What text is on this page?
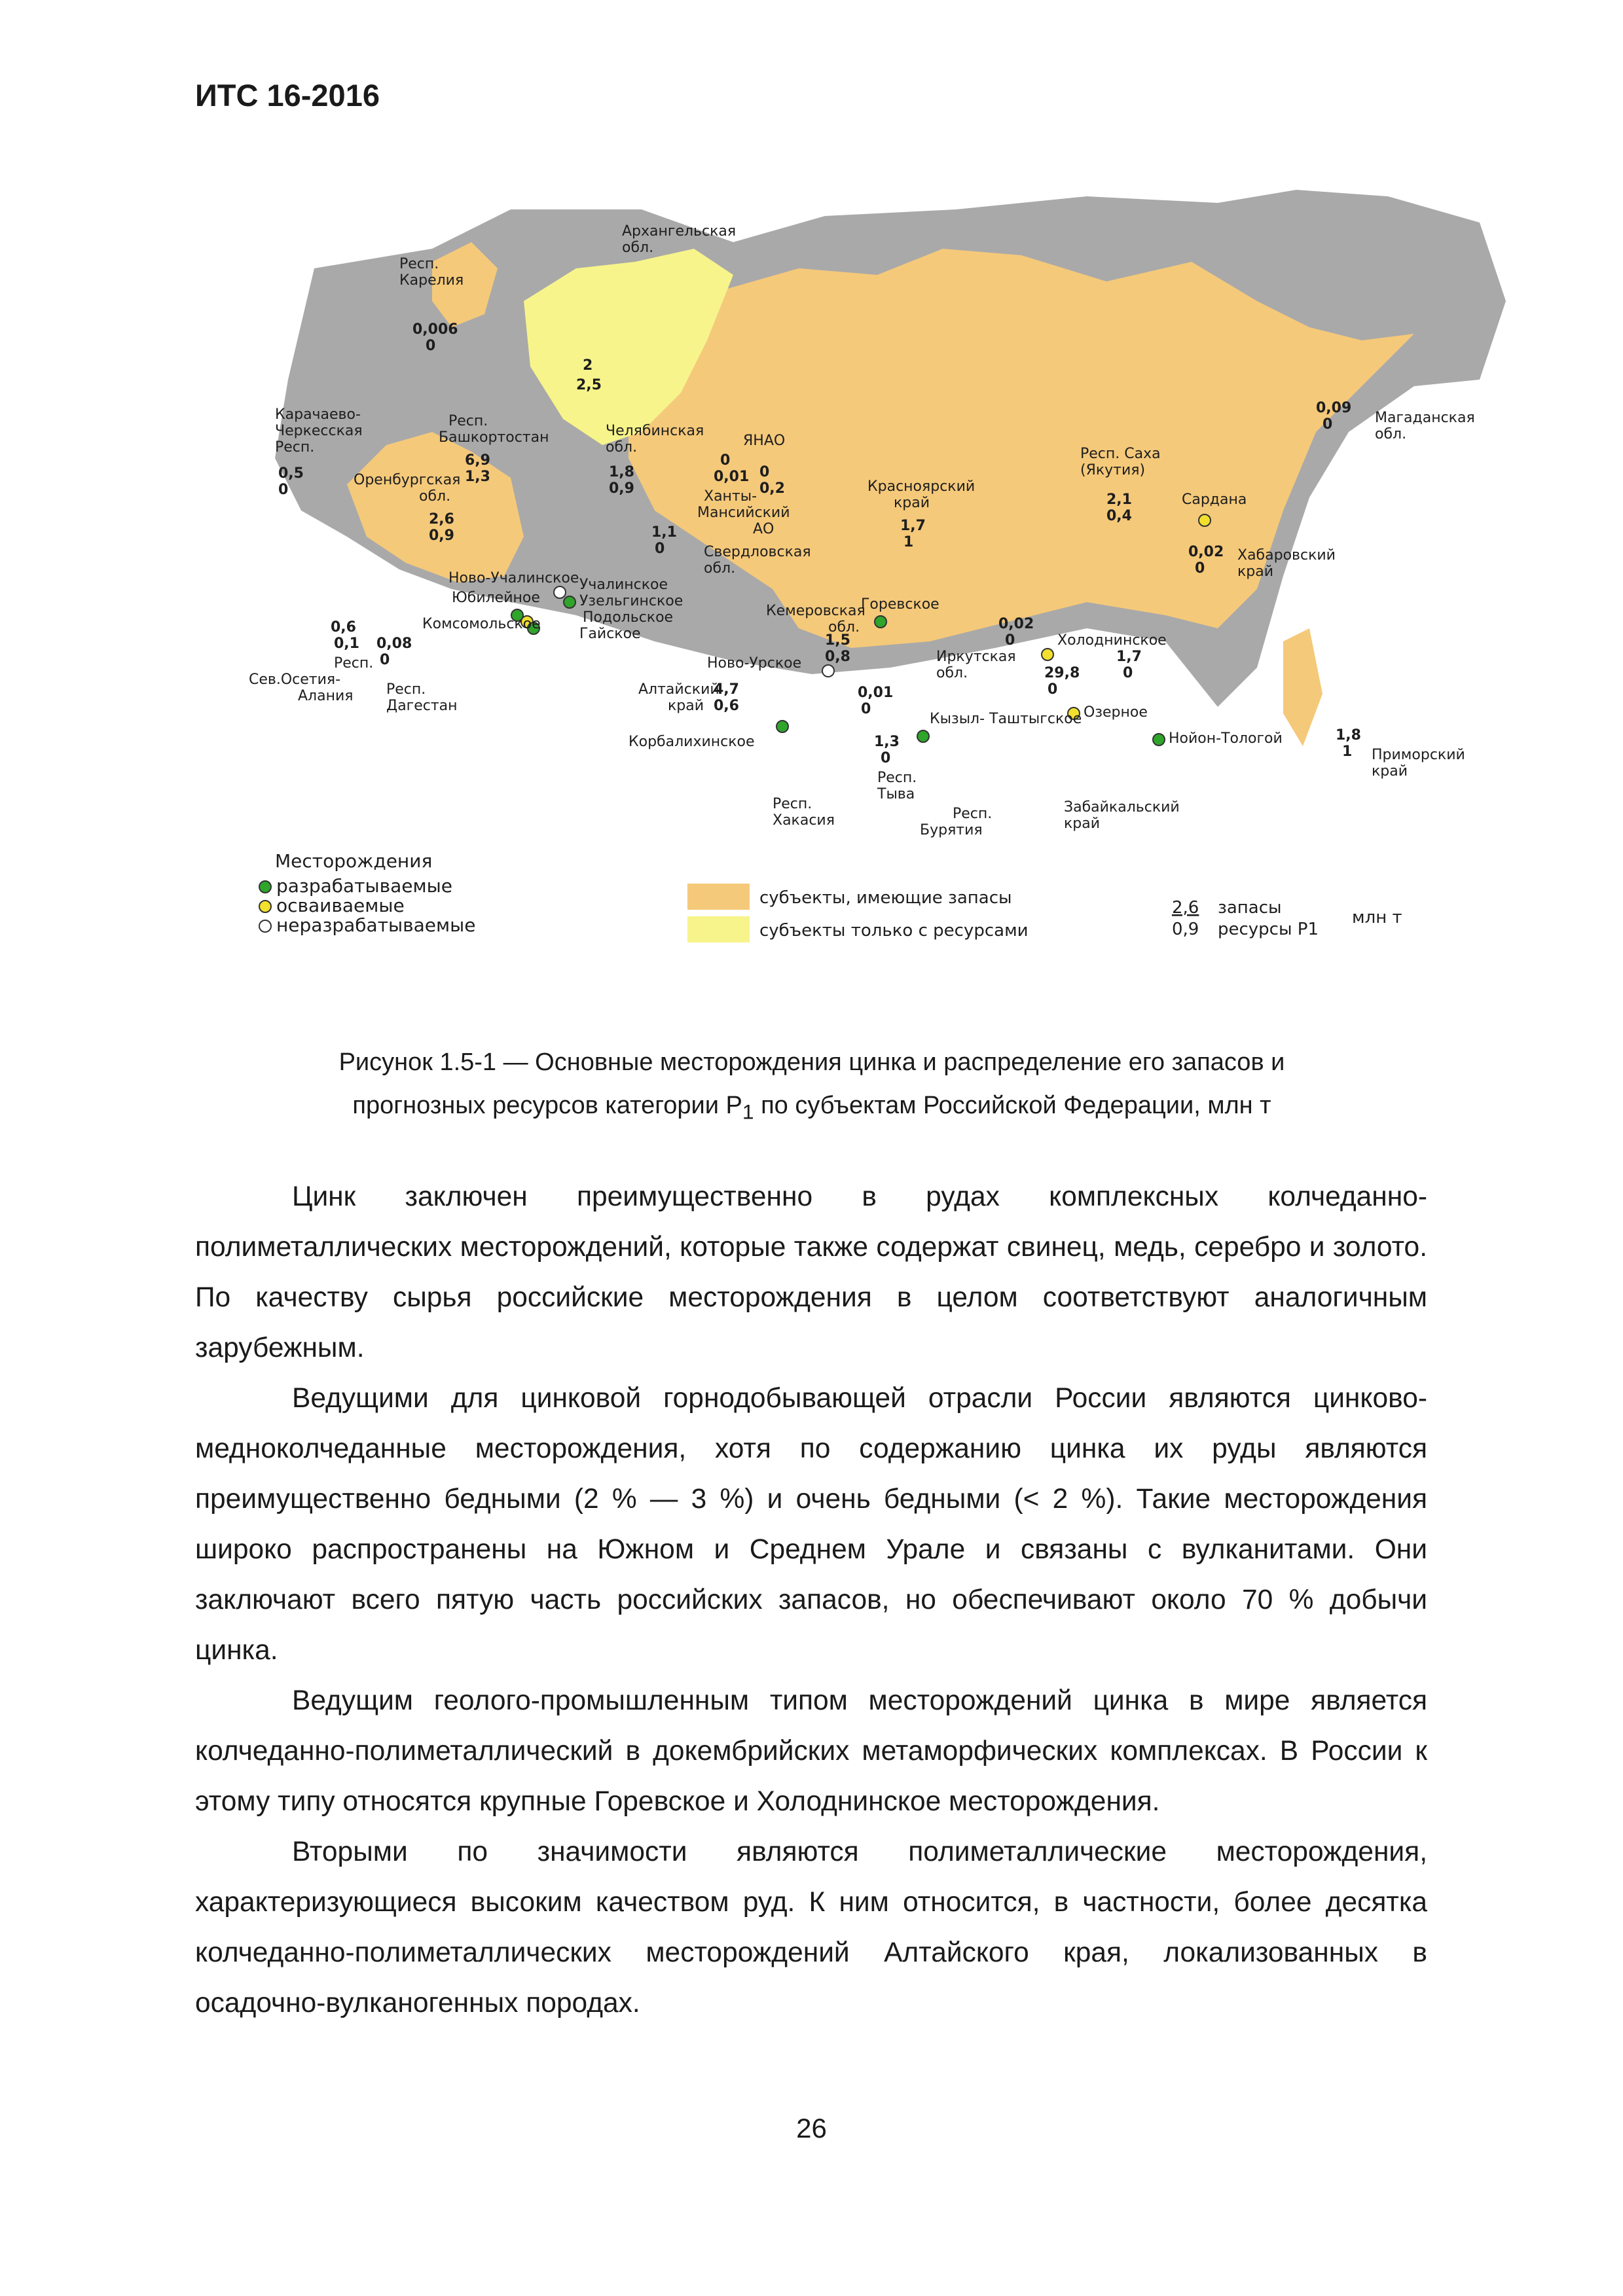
ИТС 16-2016
Карачаево-
Черкесская
Респ.
0,5
0
Респ.
Карелия
0,006
0
Архангельская
обл.
2
2,5
Респ.
Башкортостан
6,9
1,3
Оренбургская
обл.
2,6
0,9
Челябинская
обл.
1,8
0,9
ЯНАО
0
0,01 0
0,2
Ханты-
Мансийский
АО
1,1
0	Свердловская
обл.
Красноярский
край
1,7
1
Респ. Саха
(Якутия)
2,1
0,4
0,09
0	Магаданская
обл.
0,02
0
Хабаровский
край
Кемеровская
обл.
1,5
0,8
Алтайский
край
4,7
0,6
0,6
0,1
Респ.
Сев.Осетия-
Алания
0,08
0
Респ.
Дагестан
Иркутская
обл.
0,02
0
29,8
0
Респ.
Бурятия
1,7
0
Забайкальский
край
1,3
0
Респ.
Тыва
0,01
0
Респ.
Хакасия
1,8
1 Приморский
край
Ново-Учалинское Учалинское
Юбилейное	Узельгинское
Подольское
Гайское
Комсомольское
Горевское
Ново-Урское
Корбалихинское
Кызыл- Таштыгское
Холоднинское
Озерное
Нойон-Тологой
Сардана
Месторождения
разрабатываемые
осваиваемые
неразрабатываемые
субъекты, имеющие запасы
субъекты только с ресурсами
2,6
0,9
запасы
ресурсы Р1
млн т
Рисунок 1.5-1 — Основные месторождения цинка и распределение его запасов и
прогнозных ресурсов категории $Р_1$ по субъектам Российской Федерации, млн т

Цинк заключен преимущественно в рудах комплексных колчеданно-полиметаллических месторождений, которые также содержат свинец, медь, серебро и золото. По качеству сырья российские месторождения в целом соответствуют аналогичным зарубежным.

Ведущими для цинковой горнодобывающей отрасли России являются цинково-медноколчеданные месторождения, хотя по содержанию цинка их руды являются преимущественно бедными (2 % — 3 %) и очень бедными (< 2 %). Такие месторождения широко распространены на Южном и Среднем Урале и связаны с вулканитами. Они заключают всего пятую часть российских запасов, но обеспечивают около 70 % добычи цинка.

Ведущим геолого-промышленным типом месторождений цинка в мире является колчеданно-полиметаллический в докембрийских метаморфических комплексах. В России к этому типу относятся крупные Горевское и Холоднинское месторождения.

Вторыми по значимости являются полиметаллические месторождения, характеризующиеся высоким качеством руд. К ним относится, в частности, более десятка колчеданно-полиметаллических месторождений Алтайского края, локализованных в осадочно-вулканогенных породах.

26
